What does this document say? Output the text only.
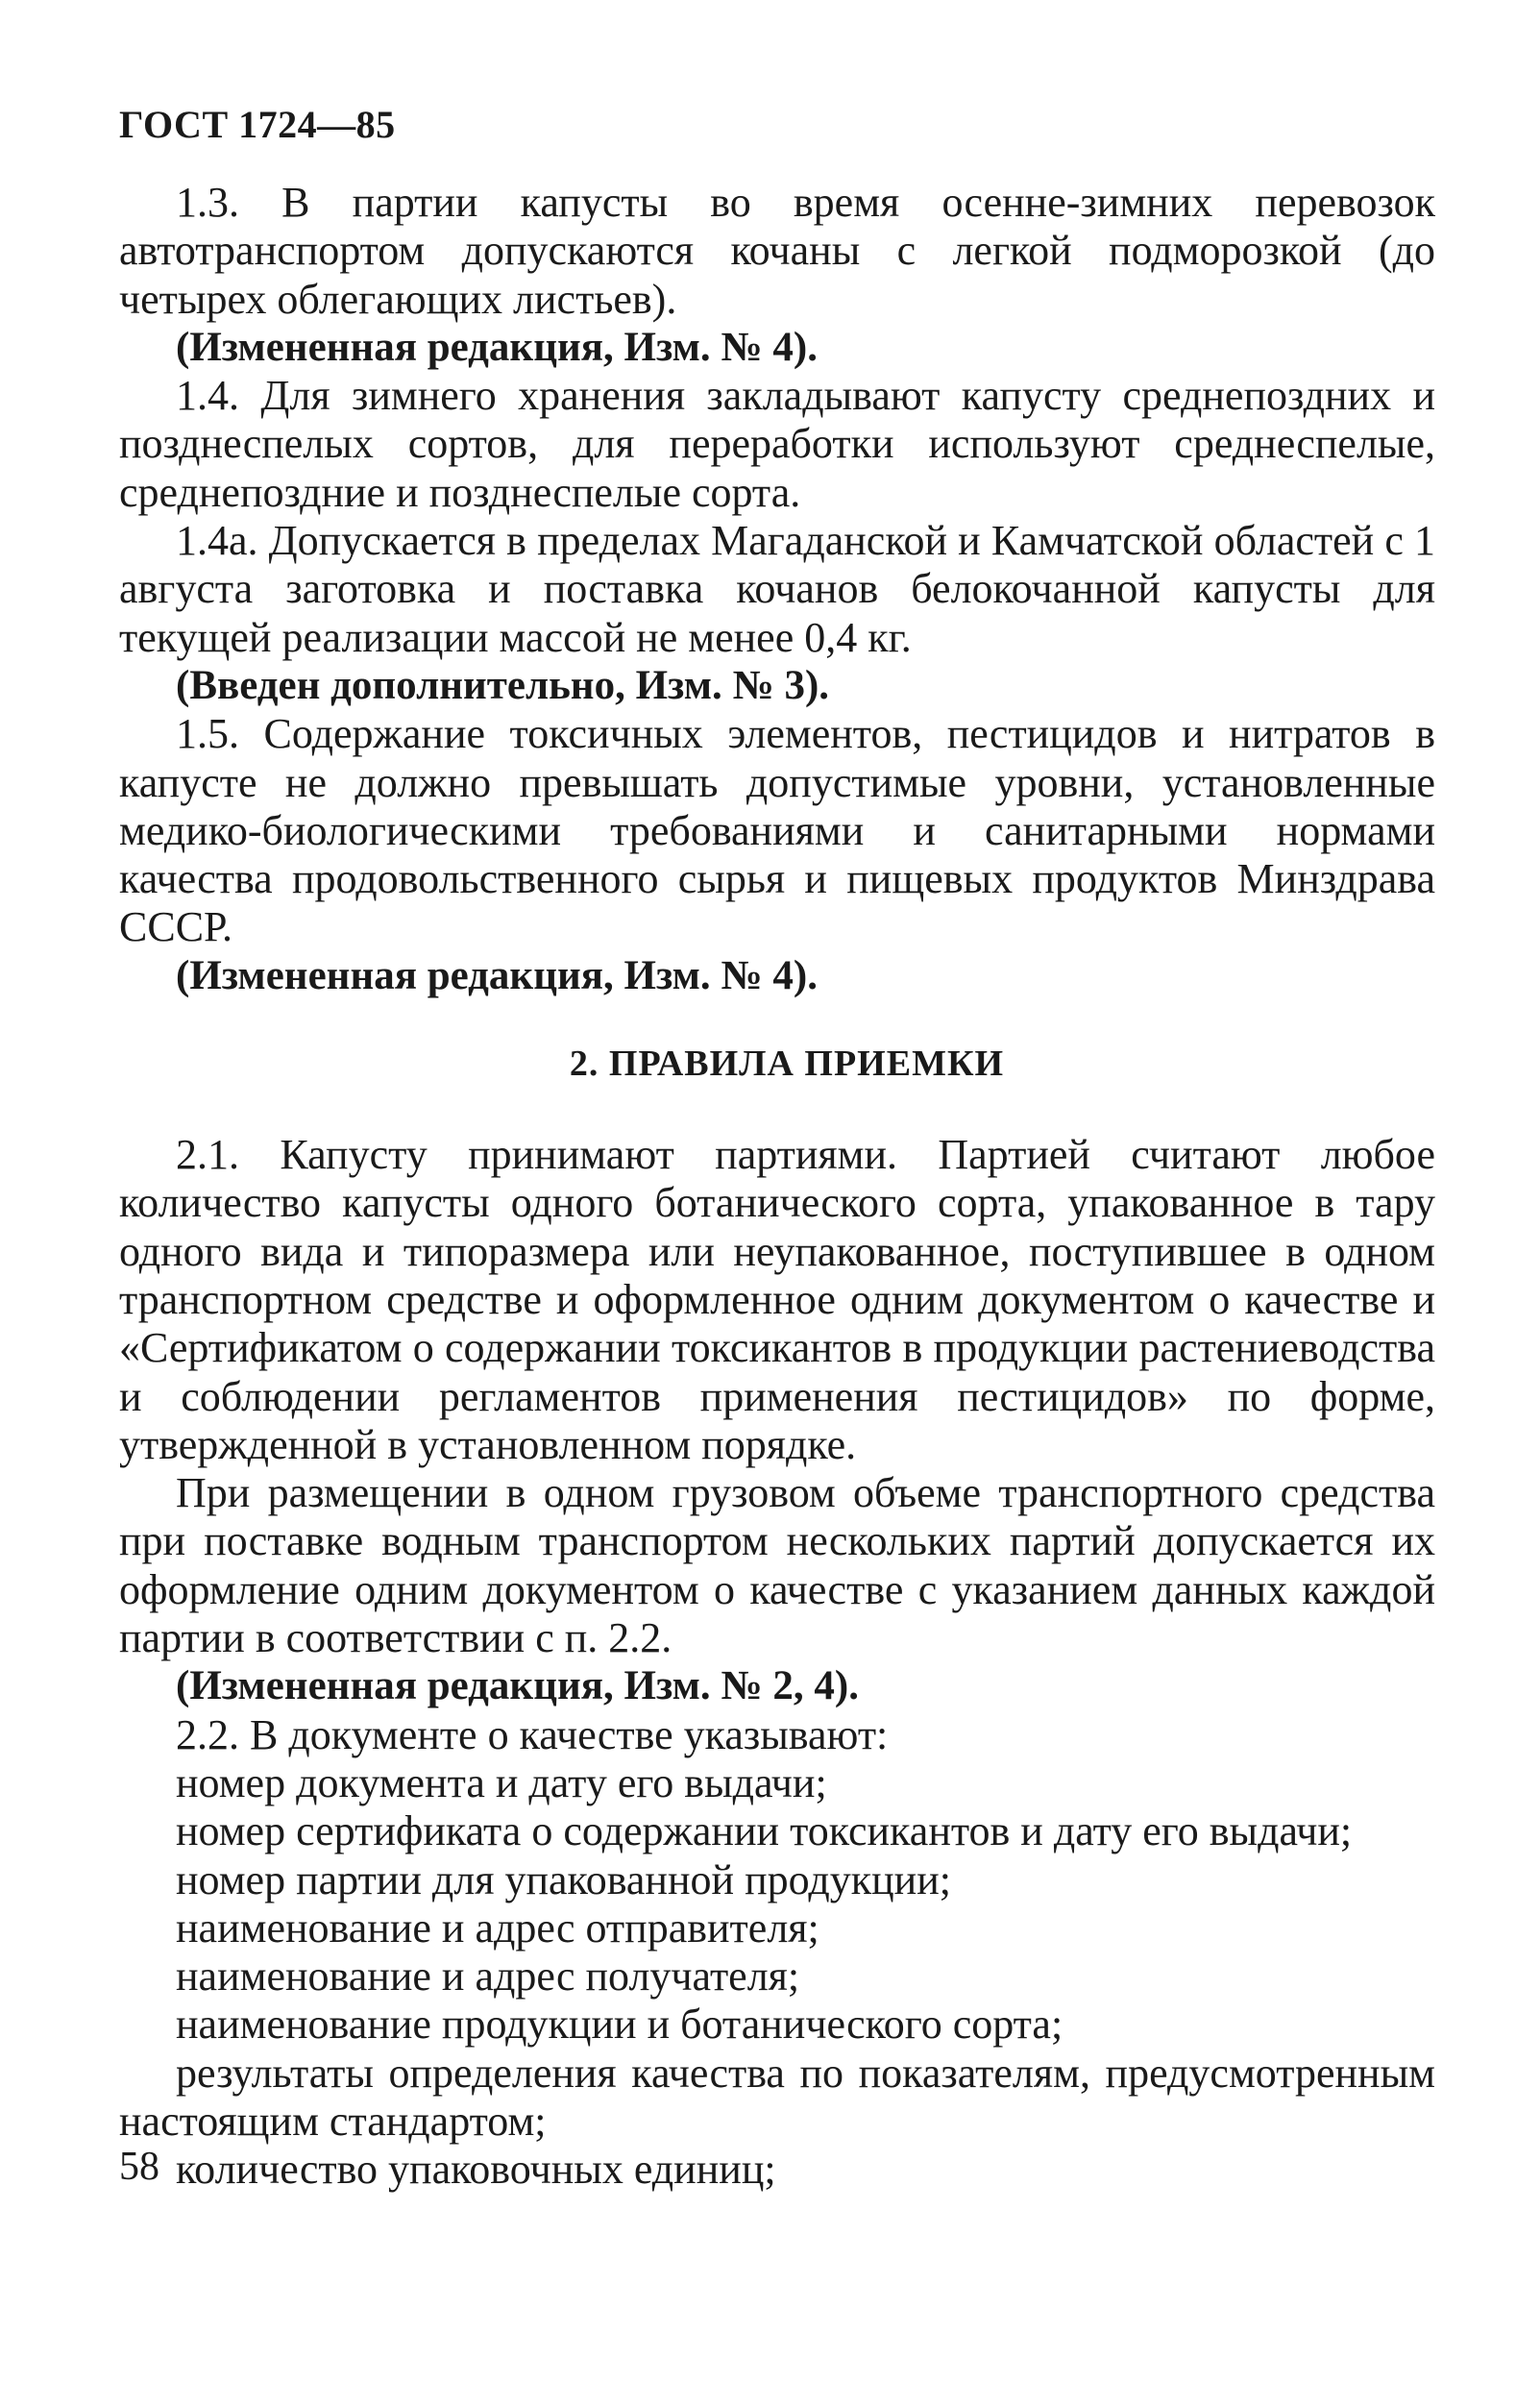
ГОСТ 1724—85

1.3. В партии капусты во время осенне-зимних перевозок автотранспортом допускаются кочаны с легкой подморозкой (до четырех облегающих листьев).

(Измененная редакция, Изм. № 4).

1.4. Для зимнего хранения закладывают капусту среднепоздних и позднеспелых сортов, для переработки используют среднеспелые, среднепоздние и позднеспелые сорта.

1.4а. Допускается в пределах Магаданской и Камчатской областей с 1 августа заготовка и поставка кочанов белокочанной капусты для текущей реализации массой не менее 0,4 кг.

(Введен дополнительно, Изм. № 3).

1.5. Содержание токсичных элементов, пестицидов и нитратов в капусте не должно превышать допустимые уровни, установленные медико-биологическими требованиями и санитарными нормами качества продовольственного сырья и пищевых продуктов Минздрава СССР.

(Измененная редакция, Изм. № 4).

2. ПРАВИЛА ПРИЕМКИ

2.1. Капусту принимают партиями. Партией считают любое количество капусты одного ботанического сорта, упакованное в тару одного вида и типоразмера или неупакованное, поступившее в одном транспортном средстве и оформленное одним документом о качестве и «Сертификатом о содержании токсикантов в продукции растениеводства и соблюдении регламентов применения пестицидов» по форме, утвержденной в установленном порядке.

При размещении в одном грузовом объеме транспортного средства при поставке водным транспортом нескольких партий допускается их оформление одним документом о качестве с указанием данных каждой партии в соответствии с п. 2.2.

(Измененная редакция, Изм. № 2, 4).

2.2. В документе о качестве указывают:

номер документа и дату его выдачи;

номер сертификата о содержании токсикантов и дату его выдачи;

номер партии для упакованной продукции;

наименование и адрес отправителя;

наименование и адрес получателя;

наименование продукции и ботанического сорта;

результаты определения качества по показателям, предусмотренным настоящим стандартом;

количество упаковочных единиц;

58
